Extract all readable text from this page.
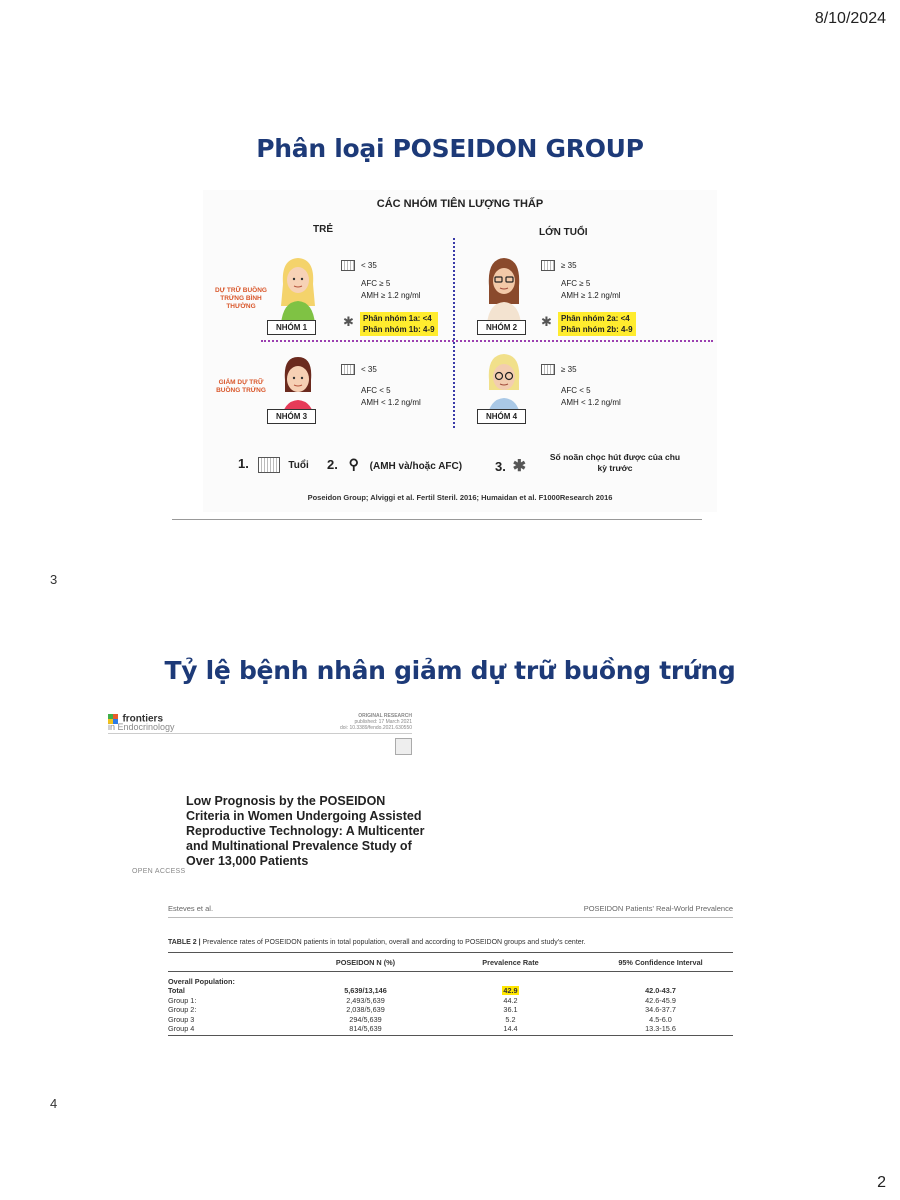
8/10/2024
Phân loại POSEIDON GROUP
CÁC NHÓM TIÊN LƯỢNG THẤP
TRẺ	LỚN TUỔI
DỰ TRỮ BUỒNG TRỨNG BÌNH THƯỜNG
GIẢM DỰ TRỮ BUỒNG TRỨNG
NHÓM 1	NHÓM 2
NHÓM 3	NHÓM 4
< 35
AFC ≥ 5
AMH ≥ 1.2 ng/ml
✱ Phân nhóm 1a: <4
Phân nhóm 1b: 4-9
≥ 35
AFC ≥ 5
AMH ≥ 1.2 ng/ml
✱ Phân nhóm 2a: <4
Phân nhóm 2b: 4-9
< 35
AFC < 5
AMH < 1.2 ng/ml
≥ 35
AFC < 5
AMH < 1.2 ng/ml
1.	Tuổi 2. ⚲ (AMH và/hoặc AFC)	3. ✱
Số noãn chọc hút được của chu kỳ trước
Poseidon Group; Alviggi et al. Fertil Steril. 2016; Humaidan et al. F1000Research 2016
3
Tỷ lệ bệnh nhân giảm dự trữ buồng trứng
frontiers
in Endocrinology
ORIGINAL RESEARCH
published: 17 March 2021
doi: 10.3389/fendo.2021.630550
Low Prognosis by the POSEIDON Criteria in Women Undergoing Assisted Reproductive Technology: A Multicenter and Multinational Prevalence Study of Over 13,000 Patients
OPEN ACCESS
Esteves et al.	POSEIDON Patients' Real-World Prevalence
TABLE 2 | Prevalence rates of POSEIDON patients in total population, overall and according to POSEIDON groups and study's center.
	POSEIDON N (%)	Prevalence Rate	95% Confidence Interval
Overall Population:			
Total	5,639/13,146	42.9	42.0-43.7
Group 1:	2,493/5,639	44.2	42.6-45.9
Group 2:	2,038/5,639	36.1	34.6-37.7
Group 3	294/5,639	5.2	4.5-6.0
Group 4	814/5,639	14.4	13.3-15.6
4
2
